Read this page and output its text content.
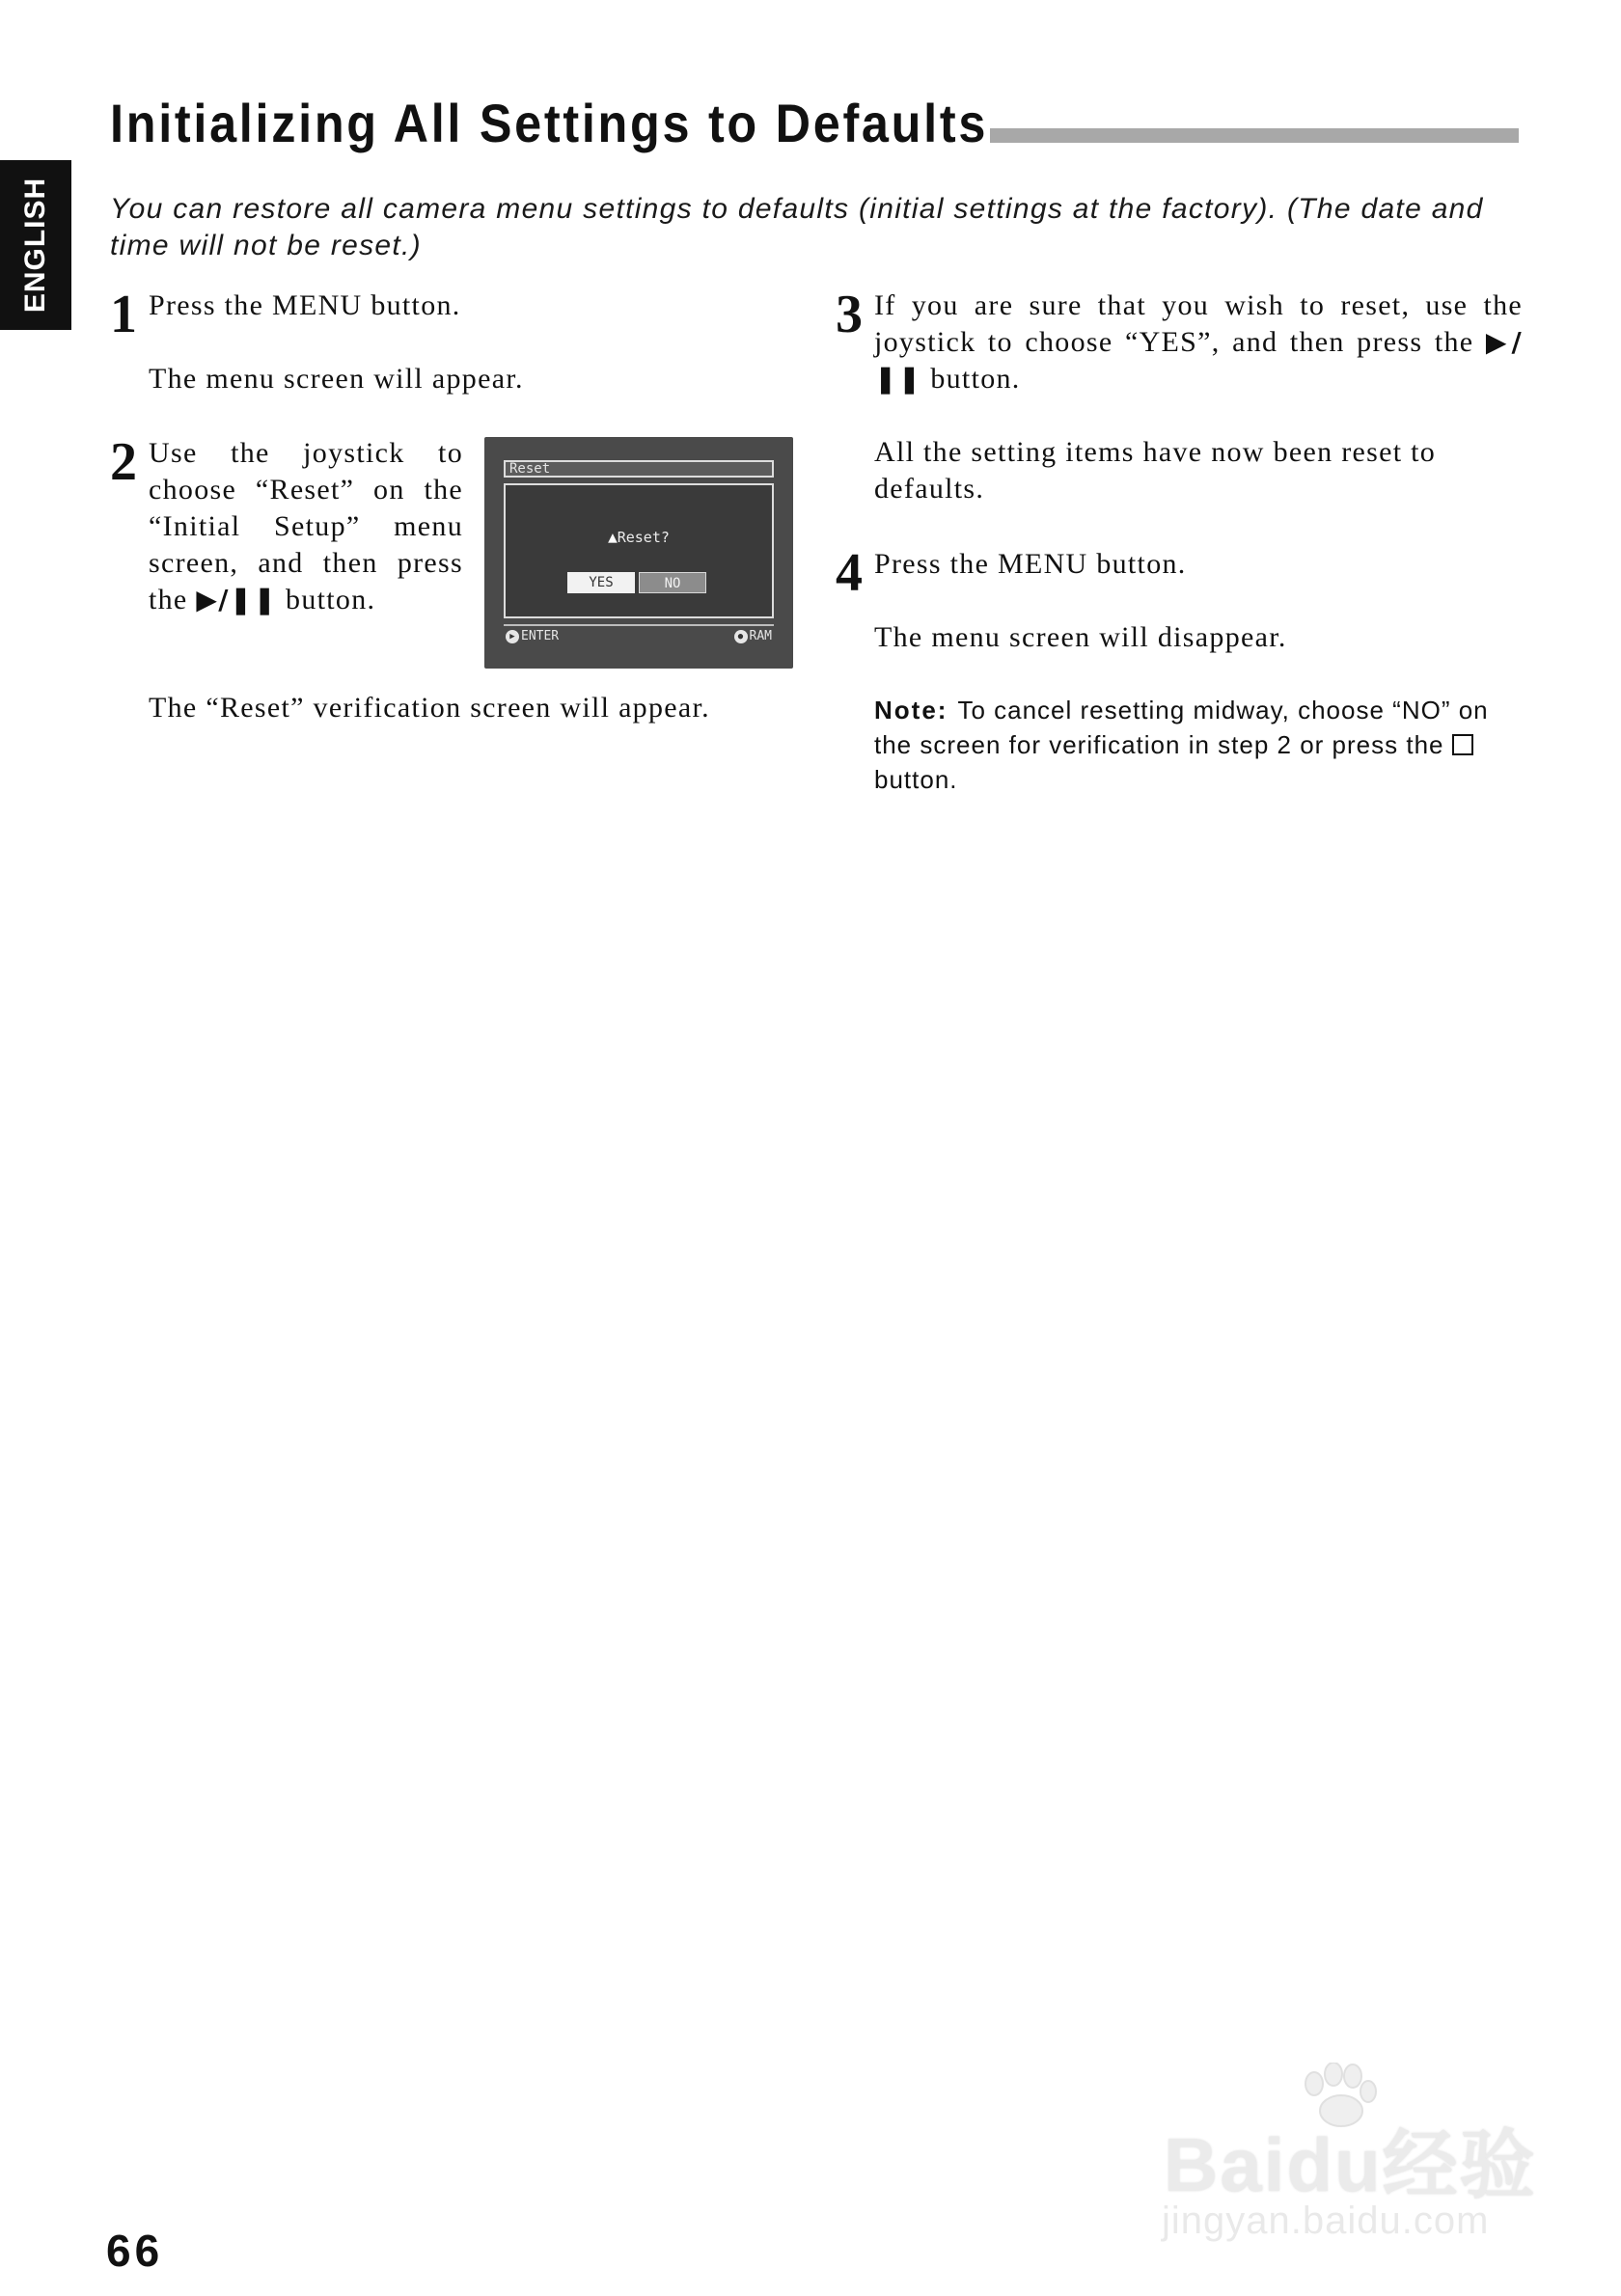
ENGLISH
Initializing All Settings to Defaults

You can restore all camera menu settings to defaults (initial settings at the factory). (The date and time will not be reset.)

1 Press the MENU button.

The menu screen will appear.

2 Use the joystick to choose “Reset” on the “Initial Setup” menu screen, and then press the ▶/❚❚ button.

The “Reset” verification screen will appear.

Reset
▲Reset?
YES	NO
▶ ENTER	● RAM
3 If you are sure that you wish to reset, use the joystick to choose “YES”, and then press the ▶/❚❚ button.

All the setting items have now been reset to defaults.

4 Press the MENU button.

The menu screen will disappear.

Note: To cancel resetting midway, choose “NO” on the screen for verification in step 2 or press the  button.

66

Baidu经验
jingyan.baidu.com
